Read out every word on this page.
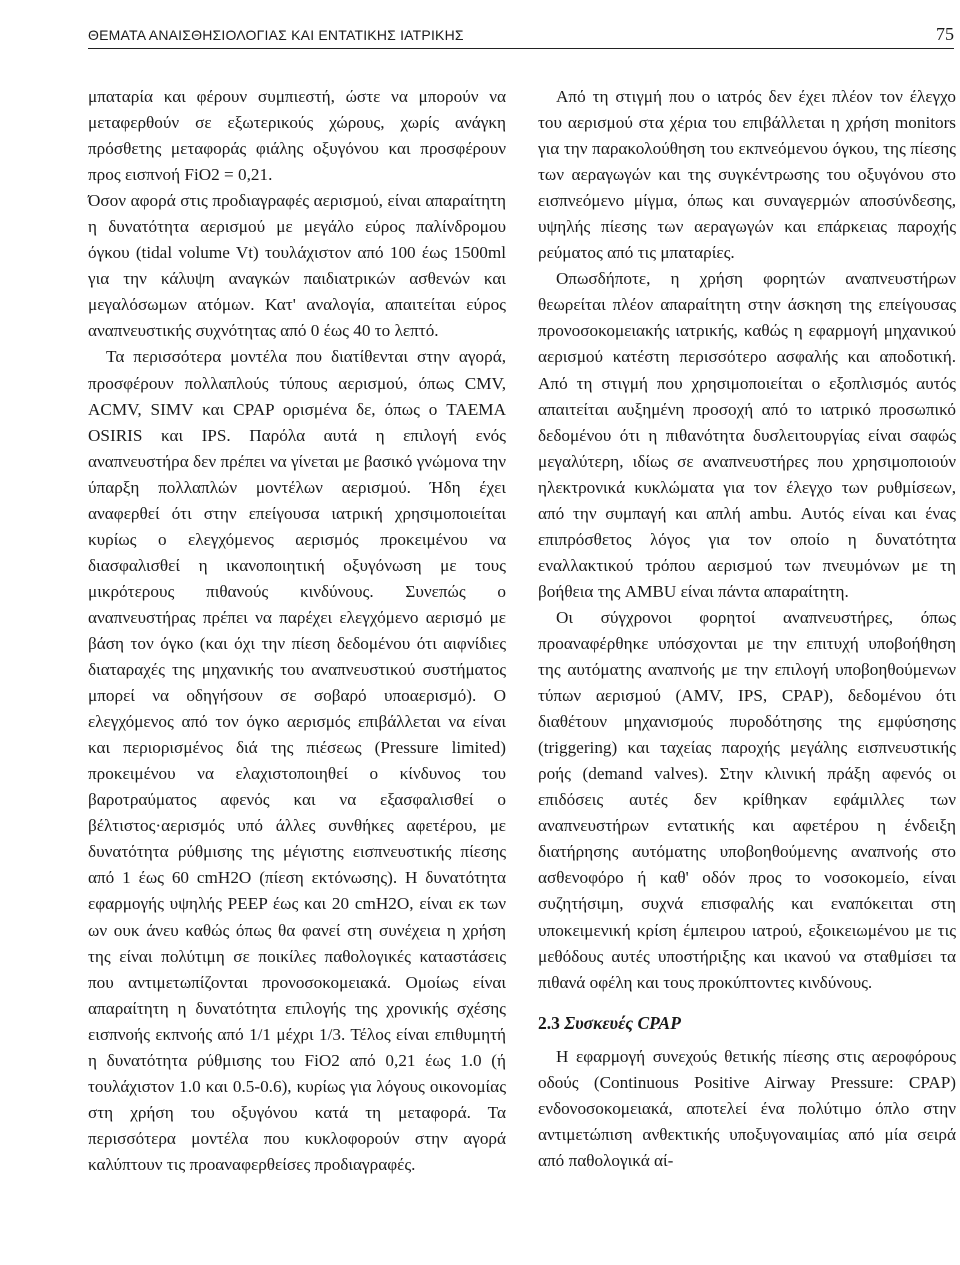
ΘΕΜΑΤΑ ΑΝΑΙΣΘΗΣΙΟΛΟΓΙΑΣ ΚΑΙ ΕΝΤΑΤΙΚΗΣ ΙΑΤΡΙΚΗΣ	75

μπαταρία και φέρουν συμπιεστή, ώστε να μπορούν να μεταφερθούν σε εξωτερικούς χώρους, χωρίς ανάγκη πρόσθετης μεταφοράς φιάλης οξυγόνου και προσφέρουν προς εισπνοή FiO2 = 0,21.

Όσον αφορά στις προδιαγραφές αερισμού, είναι απαραίτητη η δυνατότητα αερισμού με μεγάλο εύρος παλίνδρομου όγκου (tidal volume Vt) τουλάχιστον από 100 έως 1500ml για την κάλυψη αναγκών παιδιατρικών ασθενών και μεγαλόσωμων ατόμων. Κατ' αναλογία, απαιτείται εύρος αναπνευστικής συχνότητας από 0 έως 40 το λεπτό.

Τα περισσότερα μοντέλα που διατίθενται στην αγορά, προσφέρουν πολλαπλούς τύπους αερισμού, όπως CMV, ACMV, SIMV και CPAP ορισμένα δε, όπως ο TAEMA OSIRIS και IPS. Παρόλα αυτά η επιλογή ενός αναπνευστήρα δεν πρέπει να γίνεται με βασικό γνώμονα την ύπαρξη πολλαπλών μοντέλων αερισμού. Ήδη έχει αναφερθεί ότι στην επείγουσα ιατρική χρησιμοποιείται κυρίως ο ελεγχόμενος αερισμός προκειμένου να διασφαλισθεί η ικανοποιητική οξυγόνωση με τους μικρότερους πιθανούς κινδύνους. Συνεπώς ο αναπνευστήρας πρέπει να παρέχει ελεγχόμενο αερισμό με βάση τον όγκο (και όχι την πίεση δεδομένου ότι αιφνίδιες διαταραχές της μηχανικής του αναπνευστικού συστήματος μπορεί να οδηγήσουν σε σοβαρό υποαερισμό). Ο ελεγχόμενος από τον όγκο αερισμός επιβάλλεται να είναι και περιορισμένος διά της πιέσεως (Pressure limited) προκειμένου να ελαχιστοποιηθεί ο κίνδυνος του βαροτραύματος αφενός και να εξασφαλισθεί ο βέλτιστος·αερισμός υπό άλλες συνθήκες αφετέρου, με δυνατότητα ρύθμισης της μέγιστης εισπνευστικής πίεσης από 1 έως 60 cmH2O (πίεση εκτόνωσης). Η δυνατότητα εφαρμογής υψηλής PEEP έως και 20 cmH2O, είναι εκ των ων ουκ άνευ καθώς όπως θα φανεί στη συνέχεια η χρήση της είναι πολύτιμη σε ποικίλες παθολογικές καταστάσεις που αντιμετωπίζονται προνοσοκομειακά. Ομοίως είναι απαραίτητη η δυνατότητα επιλογής της χρονικής σχέσης εισπνοής εκπνοής από 1/1 μέχρι 1/3. Τέλος είναι επιθυμητή η δυνατότητα ρύθμισης του FiO2 από 0,21 έως 1.0 (ή τουλάχιστον 1.0 και 0.5-0.6), κυρίως για λόγους οικονομίας στη χρήση του οξυγόνου κατά τη μεταφορά. Τα περισσότερα μοντέλα που κυκλοφορούν στην αγορά καλύπτουν τις προαναφερθείσες προδιαγραφές.

Από τη στιγμή που ο ιατρός δεν έχει πλέον τον έλεγχο του αερισμού στα χέρια του επιβάλλεται η χρήση monitors για την παρακολούθηση του εκπνεόμενου όγκου, της πίεσης των αεραγωγών και της συγκέντρωσης του οξυγόνου στο εισπνεόμενο μίγμα, όπως και συναγερμών αποσύνδεσης, υψηλής πίεσης των αεραγωγών και επάρκειας παροχής ρεύματος από τις μπαταρίες.

Οπωσδήποτε, η χρήση φορητών αναπνευστήρων θεωρείται πλέον απαραίτητη στην άσκηση της επείγουσας προνοσοκομειακής ιατρικής, καθώς η εφαρμογή μηχανικού αερισμού κατέστη περισσότερο ασφαλής και αποδοτική. Από τη στιγμή που χρησιμοποιείται ο εξοπλισμός αυτός απαιτείται αυξημένη προσοχή από το ιατρικό προσωπικό δεδομένου ότι η πιθανότητα δυσλειτουργίας είναι σαφώς μεγαλύτερη, ιδίως σε αναπνευστήρες που χρησιμοποιούν ηλεκτρονικά κυκλώματα για τον έλεγχο των ρυθμίσεων, από την συμπαγή και απλή ambu. Αυτός είναι και ένας επιπρόσθετος λόγος για τον οποίο η δυνατότητα εναλλακτικού τρόπου αερισμού των πνευμόνων με τη βοήθεια της AMBU είναι πάντα απαραίτητη.

Οι σύγχρονοι φορητοί αναπνευστήρες, όπως προαναφέρθηκε υπόσχονται με την επιτυχή υποβοήθηση της αυτόματης αναπνοής με την επιλογή υποβοηθούμενων τύπων αερισμού (AMV, IPS, CPAP), δεδομένου ότι διαθέτουν μηχανισμούς πυροδότησης της εμφύσησης (triggering) και ταχείας παροχής μεγάλης εισπνευστικής ροής (demand valves). Στην κλινική πράξη αφενός οι επιδόσεις αυτές δεν κρίθηκαν εφάμιλλες των αναπνευστήρων εντατικής και αφετέρου η ένδειξη διατήρησης αυτόματης υποβοηθούμενης αναπνοής στο ασθενοφόρο ή καθ' οδόν προς το νοσοκομείο, είναι συζητήσιμη, συχνά επισφαλής και εναπόκειται στη υποκειμενική κρίση έμπειρου ιατρού, εξοικειωμένου με τις μεθόδους αυτές υποστήριξης και ικανού να σταθμίσει τα πιθανά οφέλη και τους προκύπτοντες κινδύνους.

2.3 Συσκευές CPAP

Η εφαρμογή συνεχούς θετικής πίεσης στις αεροφόρους οδούς (Continuous Positive Airway Pressure: CPAP) ενδονοσοκομειακά, αποτελεί ένα πολύτιμο όπλο στην αντιμετώπιση ανθεκτικής υποξυγοναιμίας από μία σειρά από παθολογικά αί-
